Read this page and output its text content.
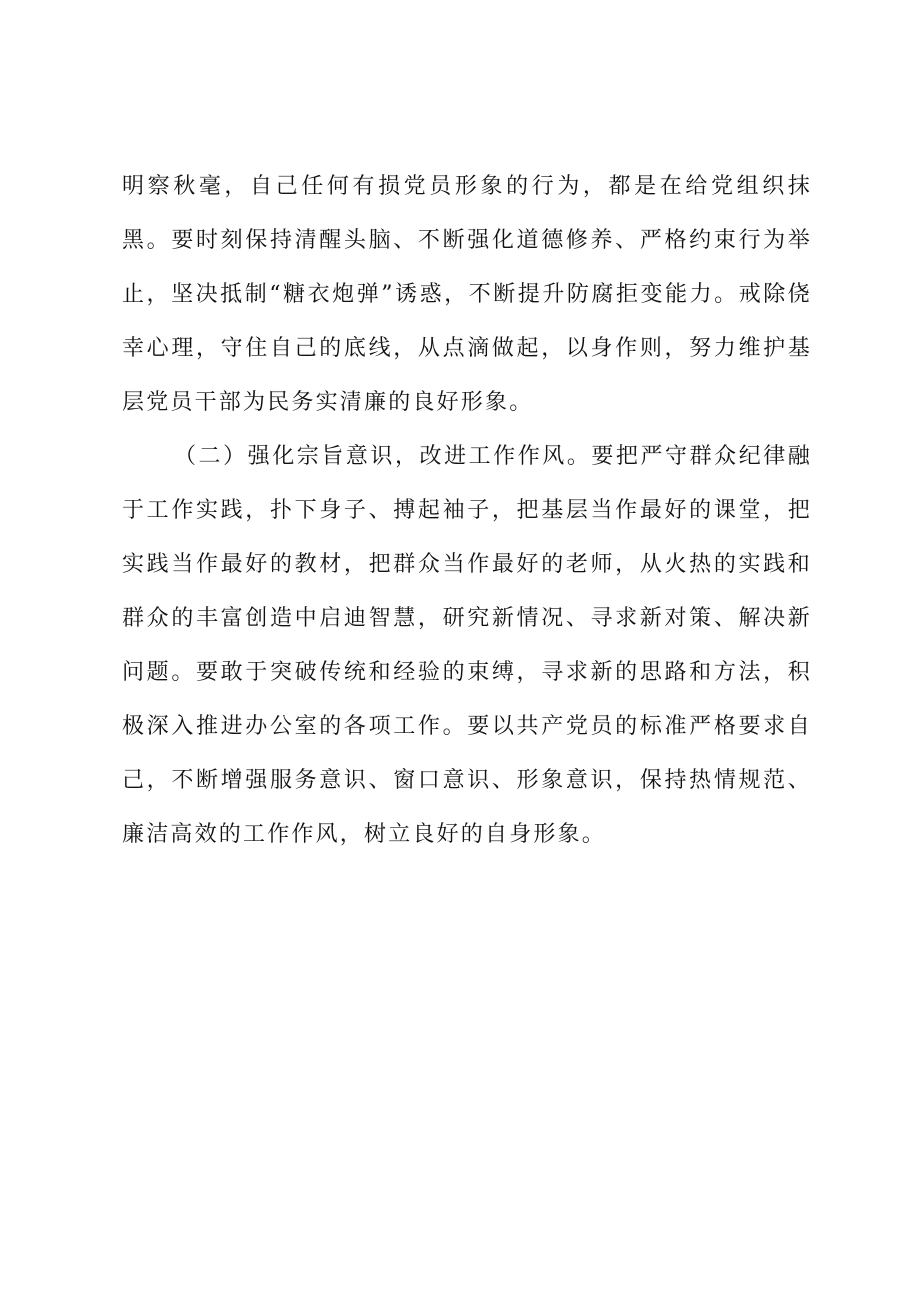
明察秋毫，自己任何有损党员形象的行为，都是在给党组织抹黑。要时刻保持清醒头脑、不断强化道德修养、严格约束行为举止，坚决抵制“糖衣炮弹”诱惑，不断提升防腐拒变能力。戒除侥幸心理，守住自己的底线，从点滴做起，以身作则，努力维护基层党员干部为民务实清廉的良好形象。

（二）强化宗旨意识，改进工作作风。要把严守群众纪律融于工作实践，扑下身子、搏起袖子，把基层当作最好的课堂，把实践当作最好的教材，把群众当作最好的老师，从火热的实践和群众的丰富创造中启迪智慧，研究新情况、寻求新对策、解决新问题。要敢于突破传统和经验的束缚，寻求新的思路和方法，积极深入推进办公室的各项工作。要以共产党员的标准严格要求自己，不断增强服务意识、窗口意识、形象意识，保持热情规范、廉洁高效的工作作风，树立良好的自身形象。
